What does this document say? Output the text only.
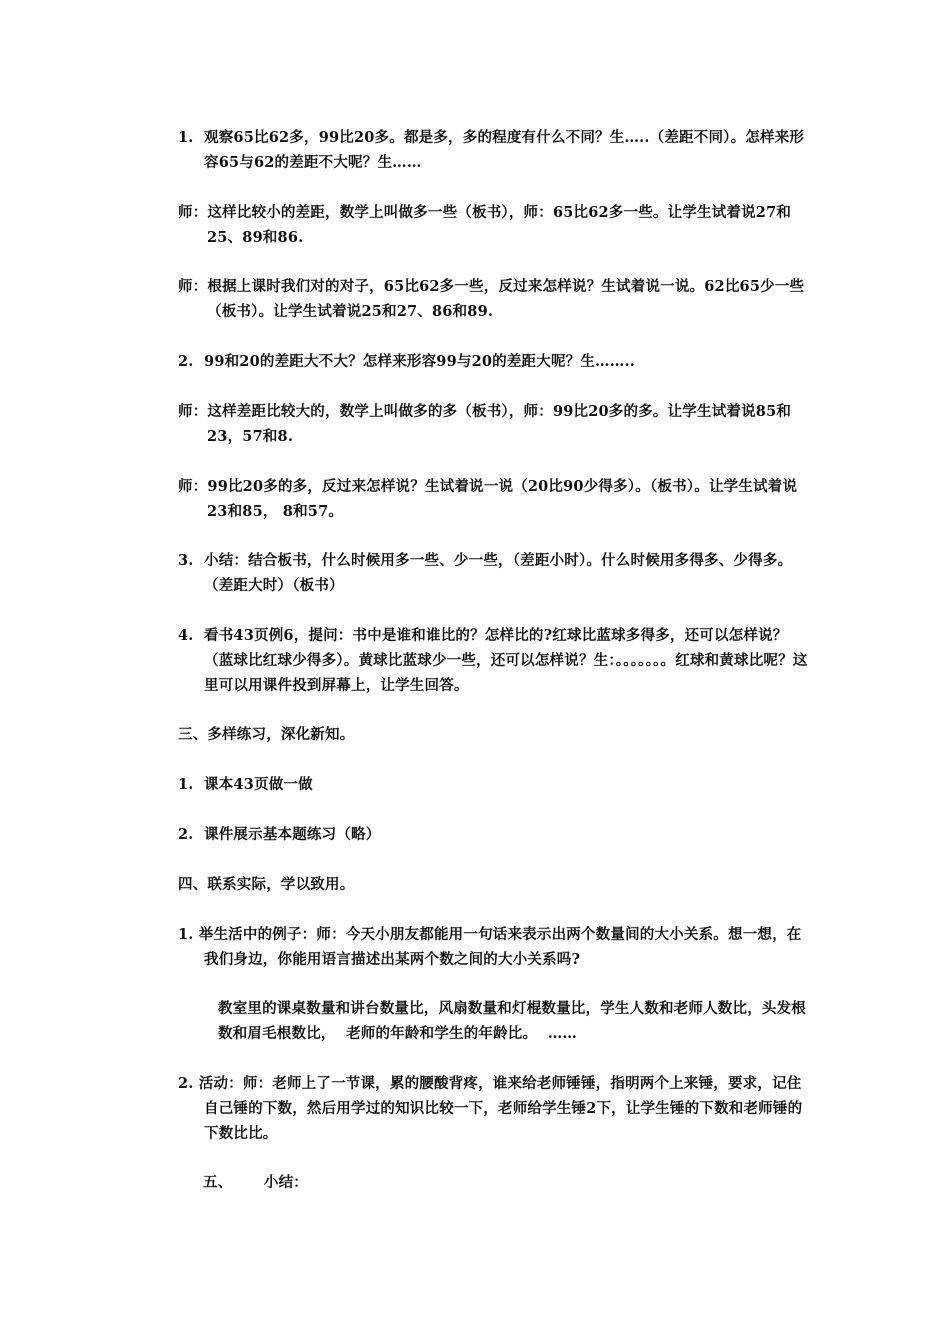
1.  观察65比62多，99比20多。都是多，多的程度有什么不同？生…..（差距不同）。怎样来形容65与62的差距不大呢？生……

师：这样比较小的差距，数学上叫做多一些（板书），师：65比62多一些。让学生试着说27和25、89和86.

师：根据上课时我们对的对子，65比62多一些，反过来怎样说？生试着说一说。62比65少一些（板书）。让学生试着说25和27、86和89.

2.  99和20的差距大不大？怎样来形容99与20的差距大呢？生……..

师：这样差距比较大的，数学上叫做多的多（板书），师：99比20多的多。让学生试着说85和23，57和8.

师：99比20多的多，反过来怎样说？生试着说一说（20比90少得多）。（板书）。让学生试着说23和85， 8和57。

3.  小结：结合板书，什么时候用多一些、少一些，（差距小时）。什么时候用多得多、少得多。（差距大时）（板书）

4.  看书43页例6，提问：书中是谁和谁比的？怎样比的?红球比蓝球多得多，还可以怎样说？（蓝球比红球少得多）。黄球比蓝球少一些，还可以怎样说？生：。。。。。。。红球和黄球比呢？这里可以用课件投到屏幕上，让学生回答。

三、多样练习，深化新知。

1.  课本43页做一做

2.  课件展示基本题练习（略）

四、联系实际，学以致用。

1. 举生活中的例子：师：今天小朋友都能用一句话来表示出两个数量间的大小关系。想一想，在我们身边，你能用语言描述出某两个数之间的大小关系吗?

教室里的课桌数量和讲台数量比，风扇数量和灯棍数量比，学生人数和老师人数比，头发根数和眉毛根数比，  老师的年龄和学生的年龄比。  ……

2. 活动：师：老师上了一节课，累的腰酸背疼，谁来给老师锤锤，指明两个上来锤，要求，记住自己锤的下数，然后用学过的知识比较一下，老师给学生锤2下，让学生锤的下数和老师锤的下数比比。

五、      小结：
